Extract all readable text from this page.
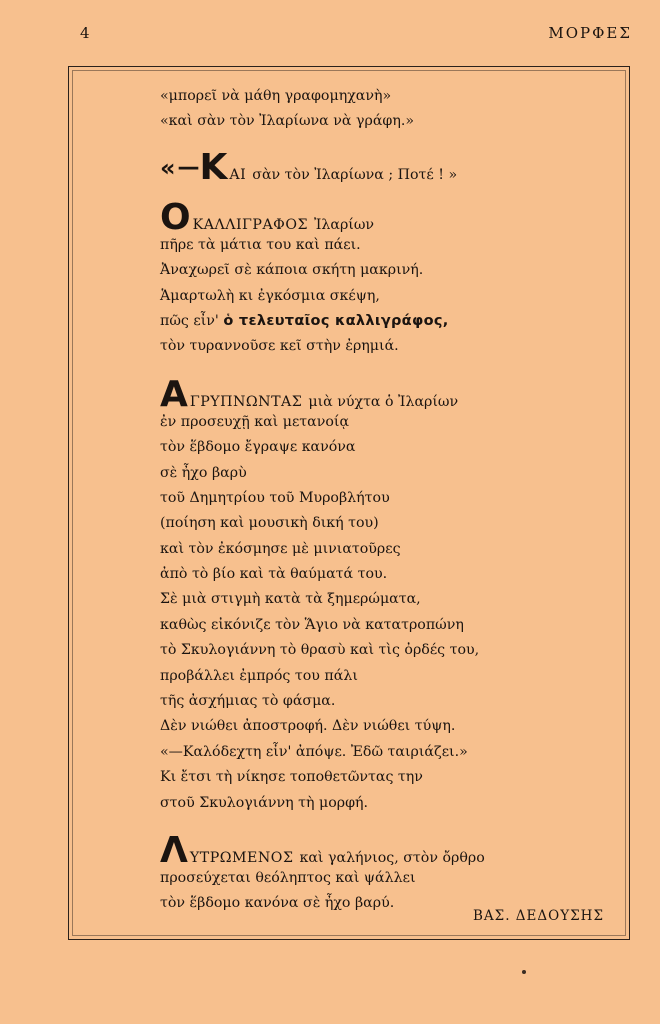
4	ΜΟΡΦΕΣ
«μπορεῖ νὰ μάθη γραφομηχανὴ»
«καὶ σὰν τὸν Ἰλαρίωνα νὰ γράφη.»
« — Κ ΑΙ σὰν τὸν Ἰλαρίωνα ; Ποτέ ! »
Ο ΚΑΛΛΙΓΡΑΦΟΣ Ἰλαρίων
πῆρε τὰ μάτια του καὶ πάει.
Ἀναχωρεῖ σὲ κάποια σκήτη μακρινή.
Ἁμαρτωλὴ κι ἐγκόσμια σκέψη,
πῶς εἶν' ὁ τελευταῖος καλλιγράφος,
τὸν τυραννοῦσε κεῖ στὴν ἐρημιά.
Α ΓΡΥΠΝΩΝΤΑΣ μιὰ νύχτα ὁ Ἰλαρίων
ἐν προσευχῇ καὶ μετανοίᾳ
τὸν ἕβδομο ἔγραψε κανόνα
σὲ ἦχο βαρὺ
τοῦ Δημητρίου τοῦ Μυροβλήτου
(ποίηση καὶ μουσικὴ δική του)
καὶ τὸν ἐκόσμησε μὲ μινιατοῦρες
ἀπὸ τὸ βίο καὶ τὰ θαύματά του.
Σὲ μιὰ στιγμὴ κατὰ τὰ ξημερώματα,
καθὼς εἰκόνιζε τὸν Ἅγιο νὰ κατατροπώνη
τὸ Σκυλογιάννη τὸ θρασὺ καὶ τὶς ὀρδές του,
προβάλλει ἐμπρός του πάλι
τῆς ἀσχήμιας τὸ φάσμα.
Δὲν νιώθει ἀποστροφή. Δὲν νιώθει τύψη.
«—Καλόδεχτη εἶν' ἀπόψε. Ἐδῶ ταιριάζει.»
Κι ἔτσι τὴ νίκησε τοποθετῶντας την
στοῦ Σκυλογιάννη τὴ μορφή.
Λ ΥΤΡΩΜΕΝΟΣ καὶ γαλήνιος, στὸν ὄρθρο
προσεύχεται θεόληπτος καὶ ψάλλει
τὸν ἕβδομο κανόνα σὲ ἦχο βαρύ.
ΒΑΣ. ΔΕΔΟΥΣΗΣ
